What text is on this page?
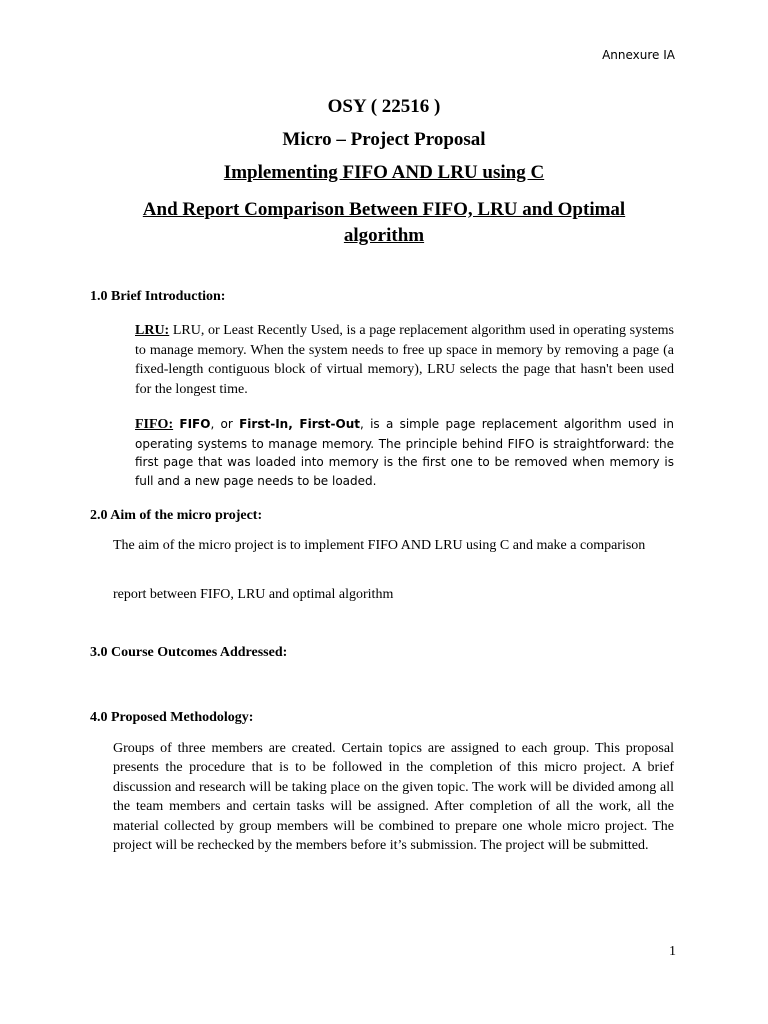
Annexure IA
OSY ( 22516 )
Micro – Project Proposal
Implementing FIFO AND LRU using C
And Report Comparison Between FIFO, LRU and Optimal
algorithm
1.0 Brief Introduction:
LRU: LRU, or Least Recently Used, is a page replacement algorithm used in operating systems to manage memory. When the system needs to free up space in memory by removing a page (a fixed-length contiguous block of virtual memory), LRU selects the page that hasn't been used for the longest time.
FIFO: FIFO, or First-In, First-Out, is a simple page replacement algorithm used in operating systems to manage memory. The principle behind FIFO is straightforward: the first page that was loaded into memory is the first one to be removed when memory is full and a new page needs to be loaded.
2.0 Aim of the micro project:
The aim of the micro project is to implement FIFO AND LRU using C and make a comparison
report between FIFO, LRU and optimal algorithm
3.0 Course Outcomes Addressed:
4.0 Proposed Methodology:
Groups of three members are created. Certain topics are assigned to each group. This proposal presents the procedure that is to be followed in the completion of this micro project. A brief discussion and research will be taking place on the given topic. The work will be divided among all the team members and certain tasks will be assigned. After completion of all the work, all the material collected by group members will be combined to prepare one whole micro project. The project will be rechecked by the members before it’s submission. The project will be submitted.
1
